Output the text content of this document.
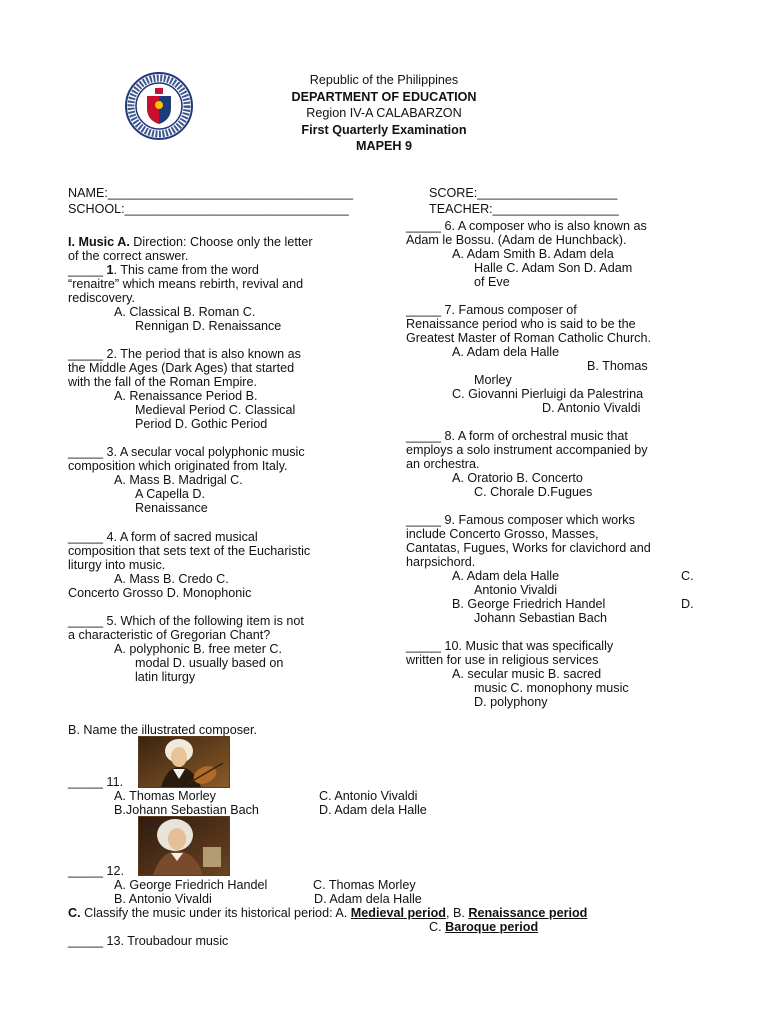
Republic of the Philippines
DEPARTMENT OF EDUCATION
Region IV-A CALABARZON
First Quarterly Examination
MAPEH 9
NAME:___________________________________
SCHOOL:________________________________
SCORE:____________________
TEACHER:__________________
I. Music A. Direction: Choose only the letter
of the correct answer.
_____ 1. This came from the word
“renaitre” which means rebirth, revival and
rediscovery.
A. Classical B. Roman C.
Rennigan D. Renaissance
_____ 2. The period that is also known as
the Middle Ages (Dark Ages) that started
with the fall of the Roman Empire.
A. Renaissance Period B.
Medieval Period C. Classical
Period D. Gothic Period
_____ 3. A secular vocal polyphonic music
composition which originated from Italy.
A. Mass B. Madrigal C.
A Capella D.
Renaissance
_____ 4. A form of sacred musical
composition that sets text of the Eucharistic
liturgy into music.
A. Mass B. Credo C.
Concerto Grosso D. Monophonic
_____ 5. Which of the following item is not
a characteristic of Gregorian Chant?
A. polyphonic B. free meter C.
modal D. usually based on
latin liturgy
_____ 6. A composer who is also known as
Adam le Bossu. (Adam de Hunchback).
A. Adam Smith B. Adam dela
Halle C. Adam Son D. Adam
of Eve
_____ 7. Famous composer of
Renaissance period who is said to be the
Greatest Master of Roman Catholic Church.
A. Adam dela Halle
B. Thomas
Morley
C. Giovanni Pierluigi da Palestrina
D. Antonio Vivaldi
_____ 8. A form of orchestral music that
employs a solo instrument accompanied by
an orchestra.
A. Oratorio B. Concerto
C. Chorale D.Fugues
_____ 9. Famous composer which works
include Concerto Grosso, Masses,
Cantatas, Fugues, Works for clavichord and
harpsichord.
A. Adam dela Halle	C.
Antonio Vivaldi
B. George Friedrich Handel	D.
Johann Sebastian Bach
_____ 10. Music that was specifically
written for use in religious services
A. secular music B. sacred
music C. monophony music
D. polyphony
B. Name the illustrated composer.
_____ 11.
A. Thomas Morley	C. Antonio Vivaldi
B.Johann Sebastian Bach	D. Adam dela Halle
_____ 12.
A. George Friedrich Handel	C. Thomas Morley
B. Antonio Vivaldi	D. Adam dela Halle
C. Classify the music under its historical period: A. Medieval period, B. Renaissance period
C. Baroque period
_____ 13. Troubadour music
